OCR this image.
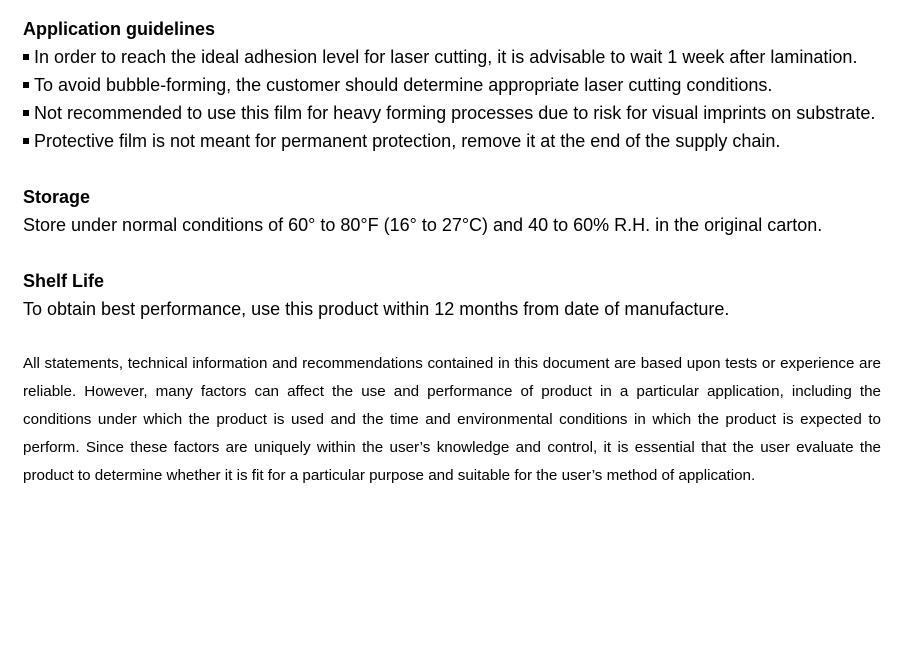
Application guidelines
In order to reach the ideal adhesion level for laser cutting, it is advisable to wait 1 week after lamination.
To avoid bubble-forming, the customer should determine appropriate laser cutting conditions.
Not recommended to use this film for heavy forming processes due to risk for visual imprints on substrate.
Protective film is not meant for permanent protection, remove it at the end of the supply chain.
Storage

Store under normal conditions of 60° to 80°F (16° to 27°C) and 40 to 60% R.H. in the original carton.

Shelf Life

To obtain best performance, use this product within 12 months from date of manufacture.

All statements, technical information and recommendations contained in this document are based upon tests or experience are reliable. However, many factors can affect the use and performance of product in a particular application, including the conditions under which the product is used and the time and environmental conditions in which the product is expected to perform. Since these factors are uniquely within the user’s knowledge and control, it is essential that the user evaluate the product to determine whether it is fit for a particular purpose and suitable for the user’s method of application.
